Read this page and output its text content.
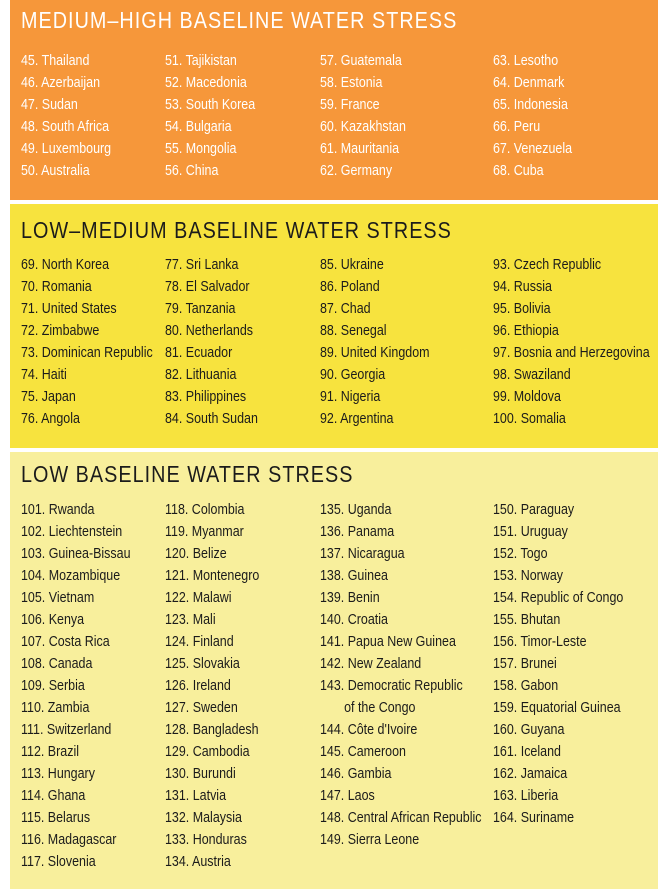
MEDIUM–HIGH BASELINE WATER STRESS
45. Thailand
46. Azerbaijan
47. Sudan
48. South Africa
49. Luxembourg
50. Australia
51. Tajikistan
52. Macedonia
53. South Korea
54. Bulgaria
55. Mongolia
56. China
57. Guatemala
58. Estonia
59. France
60. Kazakhstan
61. Mauritania
62. Germany
63. Lesotho
64. Denmark
65. Indonesia
66. Peru
67. Venezuela
68. Cuba
LOW–MEDIUM BASELINE WATER STRESS
69. North Korea
70. Romania
71. United States
72. Zimbabwe
73. Dominican Republic
74. Haiti
75. Japan
76. Angola
77. Sri Lanka
78. El Salvador
79. Tanzania
80. Netherlands
81. Ecuador
82. Lithuania
83. Philippines
84. South Sudan
85. Ukraine
86. Poland
87. Chad
88. Senegal
89. United Kingdom
90. Georgia
91. Nigeria
92. Argentina
93. Czech Republic
94. Russia
95. Bolivia
96. Ethiopia
97. Bosnia and Herzegovina
98. Swaziland
99. Moldova
100. Somalia
LOW BASELINE WATER STRESS
101. Rwanda
102. Liechtenstein
103. Guinea-Bissau
104. Mozambique
105. Vietnam
106. Kenya
107. Costa Rica
108. Canada
109. Serbia
110. Zambia
111. Switzerland
112. Brazil
113. Hungary
114. Ghana
115. Belarus
116. Madagascar
117. Slovenia
118. Colombia
119. Myanmar
120. Belize
121. Montenegro
122. Malawi
123. Mali
124. Finland
125. Slovakia
126. Ireland
127. Sweden
128. Bangladesh
129. Cambodia
130. Burundi
131. Latvia
132. Malaysia
133. Honduras
134. Austria
135. Uganda
136. Panama
137. Nicaragua
138. Guinea
139. Benin
140. Croatia
141. Papua New Guinea
142. New Zealand
143. Democratic Republic
of the Congo
144. Côte d'Ivoire
145. Cameroon
146. Gambia
147. Laos
148. Central African Republic
149. Sierra Leone
150. Paraguay
151. Uruguay
152. Togo
153. Norway
154. Republic of Congo
155. Bhutan
156. Timor-Leste
157. Brunei
158. Gabon
159. Equatorial Guinea
160. Guyana
161. Iceland
162. Jamaica
163. Liberia
164. Suriname
